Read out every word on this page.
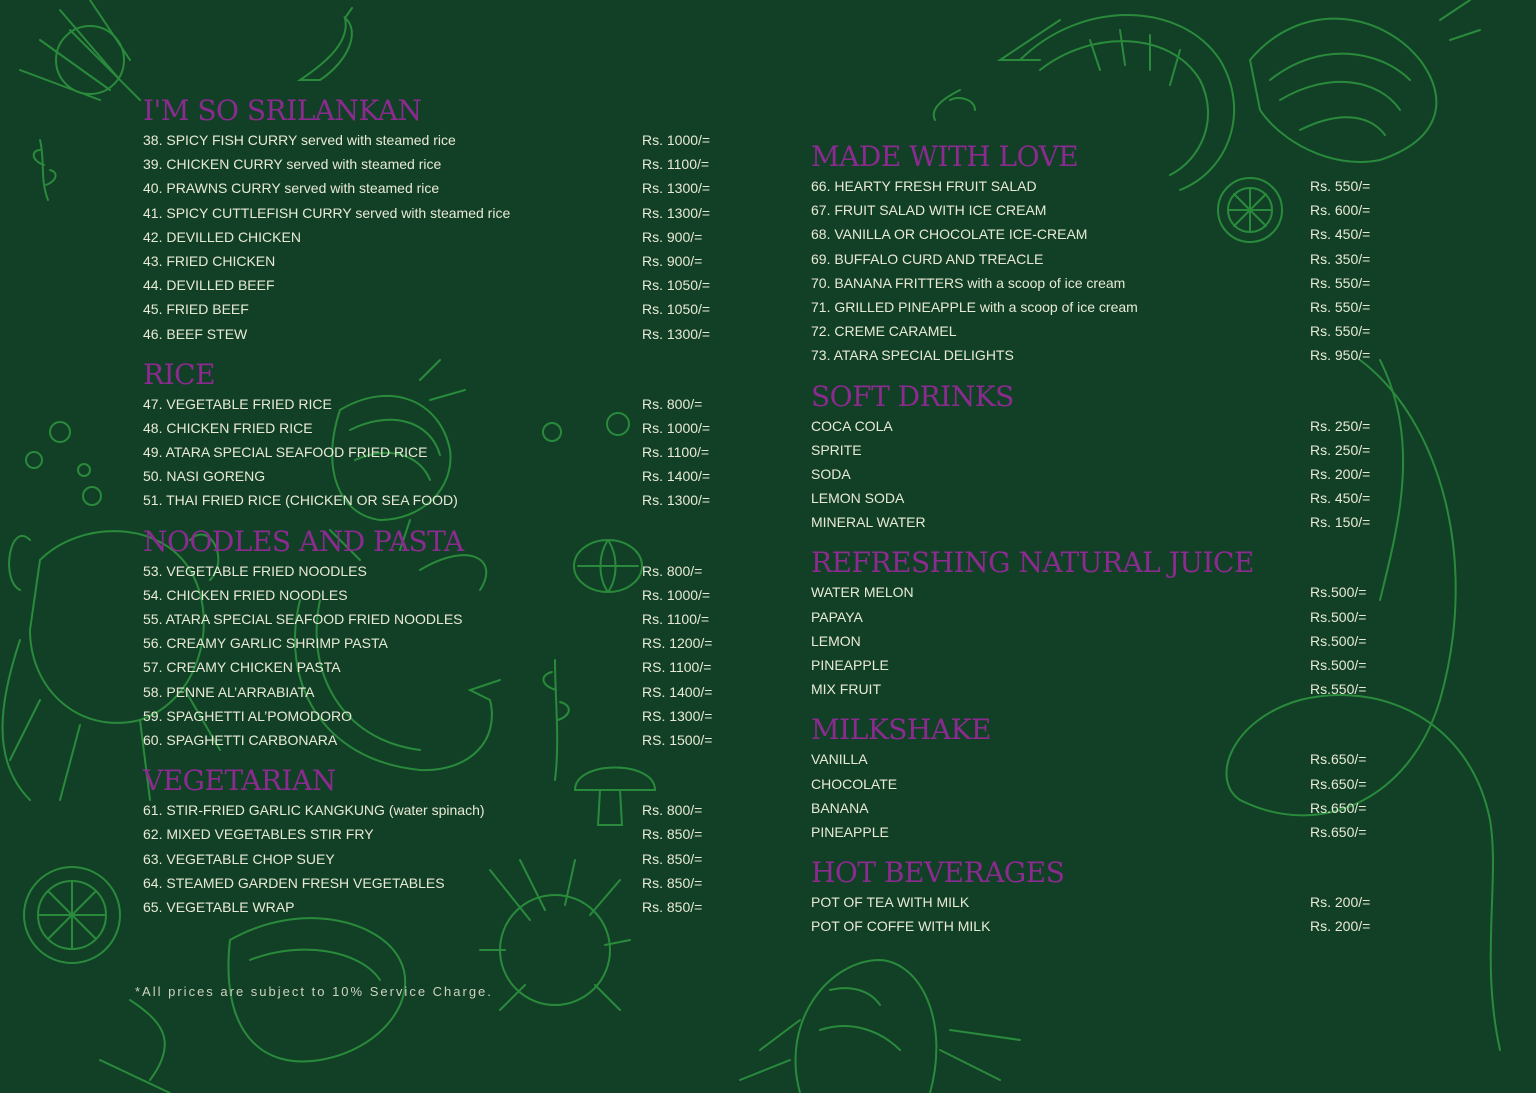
I'M SO SRILANKAN
38. SPICY FISH CURRY served with steamed rice	Rs. 1000/=
39. CHICKEN CURRY served with steamed rice	Rs. 1100/=
40. PRAWNS CURRY served with steamed rice	Rs. 1300/=
41. SPICY CUTTLEFISH CURRY served with steamed rice	Rs. 1300/=
42. DEVILLED CHICKEN	Rs. 900/=
43. FRIED CHICKEN	Rs. 900/=
44. DEVILLED BEEF	Rs. 1050/=
45. FRIED BEEF	Rs. 1050/=
46. BEEF STEW	Rs. 1300/=
RICE
47. VEGETABLE FRIED RICE	Rs. 800/=
48. CHICKEN FRIED RICE	Rs. 1000/=
49. ATARA SPECIAL SEAFOOD FRIED RICE	Rs. 1100/=
50. NASI GORENG	Rs. 1400/=
51. THAI FRIED RICE (CHICKEN OR SEA FOOD)	Rs. 1300/=
NOODLES AND PASTA
53. VEGETABLE FRIED NOODLES	Rs. 800/=
54. CHICKEN FRIED NOODLES	Rs. 1000/=
55. ATARA SPECIAL SEAFOOD FRIED NOODLES	Rs. 1100/=
56. CREAMY GARLIC SHRIMP PASTA	RS. 1200/=
57. CREAMY CHICKEN PASTA	RS. 1100/=
58. PENNE AL’ARRABIATA	RS. 1400/=
59. SPAGHETTI AL’POMODORO	RS. 1300/=
60. SPAGHETTI CARBONARA	RS. 1500/=
VEGETARIAN
61. STIR-FRIED GARLIC KANGKUNG (water spinach)	Rs. 800/=
62. MIXED VEGETABLES STIR FRY	Rs. 850/=
63. VEGETABLE CHOP SUEY	Rs. 850/=
64. STEAMED GARDEN FRESH VEGETABLES	Rs. 850/=
65. VEGETABLE WRAP	Rs. 850/=
MADE WITH LOVE
66. HEARTY FRESH FRUIT SALAD	Rs. 550/=
67. FRUIT SALAD WITH ICE CREAM	Rs. 600/=
68. VANILLA OR CHOCOLATE ICE-CREAM	Rs. 450/=
69. BUFFALO CURD AND TREACLE	Rs. 350/=
70. BANANA FRITTERS with a scoop of ice cream	Rs. 550/=
71. GRILLED PINEAPPLE with a scoop of ice cream	Rs. 550/=
72. CREME CARAMEL	Rs. 550/=
73. ATARA SPECIAL DELIGHTS	Rs. 950/=
SOFT DRINKS
COCA COLA	Rs. 250/=
SPRITE	Rs. 250/=
SODA	Rs. 200/=
LEMON SODA	Rs. 450/=
MINERAL WATER	Rs. 150/=
REFRESHING NATURAL JUICE
WATER MELON	Rs.500/=
PAPAYA	Rs.500/=
LEMON	Rs.500/=
PINEAPPLE	Rs.500/=
MIX FRUIT	Rs.550/=
MILKSHAKE
VANILLA	Rs.650/=
CHOCOLATE	Rs.650/=
BANANA	Rs.650/=
PINEAPPLE	Rs.650/=
HOT BEVERAGES
POT OF TEA WITH MILK	Rs. 200/=
POT OF COFFE WITH MILK	Rs. 200/=
*All prices are subject to 10% Service Charge.
